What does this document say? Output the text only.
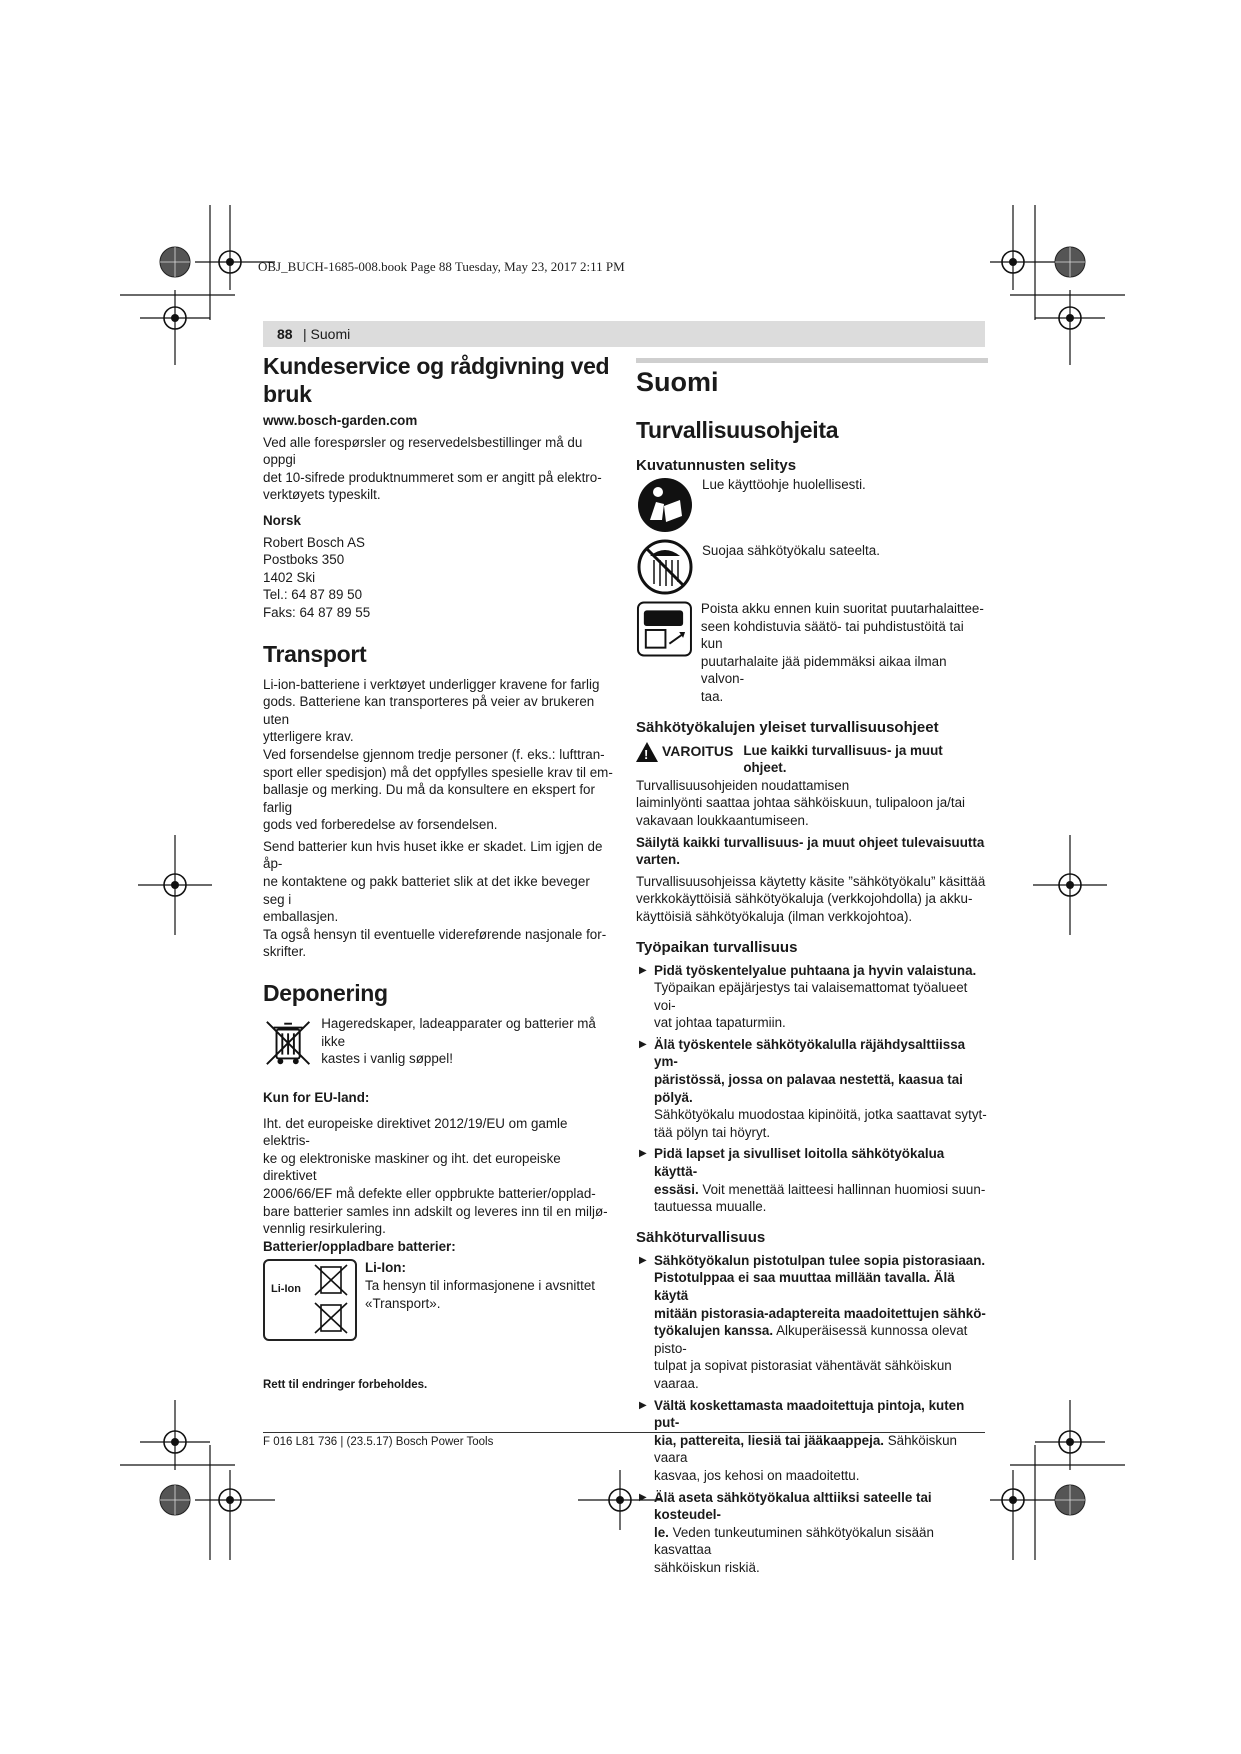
OBJ_BUCH-1685-008.book Page 88 Tuesday, May 23, 2017 2:11 PM
88 | Suomi
Kundeservice og rådgivning ved bruk

www.bosch-garden.com

Ved alle forespørsler og reservedelsbestillinger må du oppgi
det 10-sifrede produktnummeret som er angitt på elektro-
verktøyets typeskilt.

Norsk

Robert Bosch AS
Postboks 350
1402 Ski
Tel.: 64 87 89 50
Faks: 64 87 89 55

Transport

Li-ion-batteriene i verktøyet underligger kravene for farlig
gods. Batteriene kan transporteres på veier av brukeren uten
ytterligere krav.

Ved forsendelse gjennom tredje personer (f. eks.: lufttran-
sport eller spedisjon) må det oppfylles spesielle krav til em-
ballasje og merking. Du må da konsultere en ekspert for farlig
gods ved forberedelse av forsendelsen.

Send batterier kun hvis huset ikke er skadet. Lim igjen de åp-
ne kontaktene og pakk batteriet slik at det ikke beveger seg i
emballasjen.

Ta også hensyn til eventuelle videreførende nasjonale for-
skrifter.

Deponering
Hageredskaper, ladeapparater og batterier må ikke
kastes i vanlig søppel!

Kun for EU-land:

Iht. det europeiske direktivet 2012/19/EU om gamle elektris-
ke og elektroniske maskiner og iht. det europeiske direktivet
2006/66/EF må defekte eller oppbrukte batterier/opplad-
bare batterier samles inn adskilt og leveres inn til en miljø-
vennlig resirkulering.

Batterier/oppladbare batterier:

Li-Ion
Li-Ion:
Ta hensyn til informasjonene i avsnittet
«Transport».

Rett til endringer forbeholdes.

Suomi

Turvallisuusohjeita
Kuvatunnusten selitys
Lue käyttöohje huolellisesti.
Suojaa sähkötyökalu sateelta.
Poista akku ennen kuin suoritat puutarhalaittee-
seen kohdistuvia säätö- tai puhdistustöitä tai kun
puutarhalaite jää pidemmäksi aikaa ilman valvon-
taa.
Sähkötyökalujen yleiset turvallisuusohjeet
! VAROITUS Lue kaikki turvallisuus- ja muut ohjeet.
Turvallisuusohjeiden noudattamisen
laiminlyönti saattaa johtaa sähköiskuun, tulipaloon ja/tai
vakavaan loukkaantumiseen.

Säilytä kaikki turvallisuus- ja muut ohjeet tulevaisuutta
varten.

Turvallisuusohjeissa käytetty käsite ”sähkötyökalu” käsittää
verkkokäyttöisiä sähkötyökaluja (verkkojohdolla) ja akku-
käyttöisiä sähkötyökaluja (ilman verkkojohtoa).

Työpaikan turvallisuus
▶ Pidä työskentelyalue puhtaana ja hyvin valaistuna.
Työpaikan epäjärjestys tai valaisemattomat työalueet voi-
vat johtaa tapaturmiin.
▶ Älä työskentele sähkötyökalulla räjähdysalttiissa ym-
päristössä, jossa on palavaa nestettä, kaasua tai pölyä.
Sähkötyökalu muodostaa kipinöitä, jotka saattavat sytyt-
tää pölyn tai höyryt.
▶ Pidä lapset ja sivulliset loitolla sähkötyökalua käyttä-
essäsi. Voit menettää laitteesi hallinnan huomiosi suun-
tautuessa muualle.
Sähköturvallisuus
▶ Sähkötyökalun pistotulpan tulee sopia pistorasiaan.
Pistotulppaa ei saa muuttaa millään tavalla. Älä käytä
mitään pistorasia-adaptereita maadoitettujen sähkö-
työkalujen kanssa. Alkuperäisessä kunnossa olevat pisto-
tulpat ja sopivat pistorasiat vähentävät sähköiskun vaaraa.
▶ Vältä koskettamasta maadoitettuja pintoja, kuten put-
kia, pattereita, liesiä tai jääkaappeja. Sähköiskun vaara
kasvaa, jos kehosi on maadoitettu.
▶ Älä aseta sähkötyökalua alttiiksi sateelle tai kosteudel-
le. Veden tunkeutuminen sähkötyökalun sisään kasvattaa
sähköiskun riskiä.
F 016 L81 736 | (23.5.17) Bosch Power Tools
